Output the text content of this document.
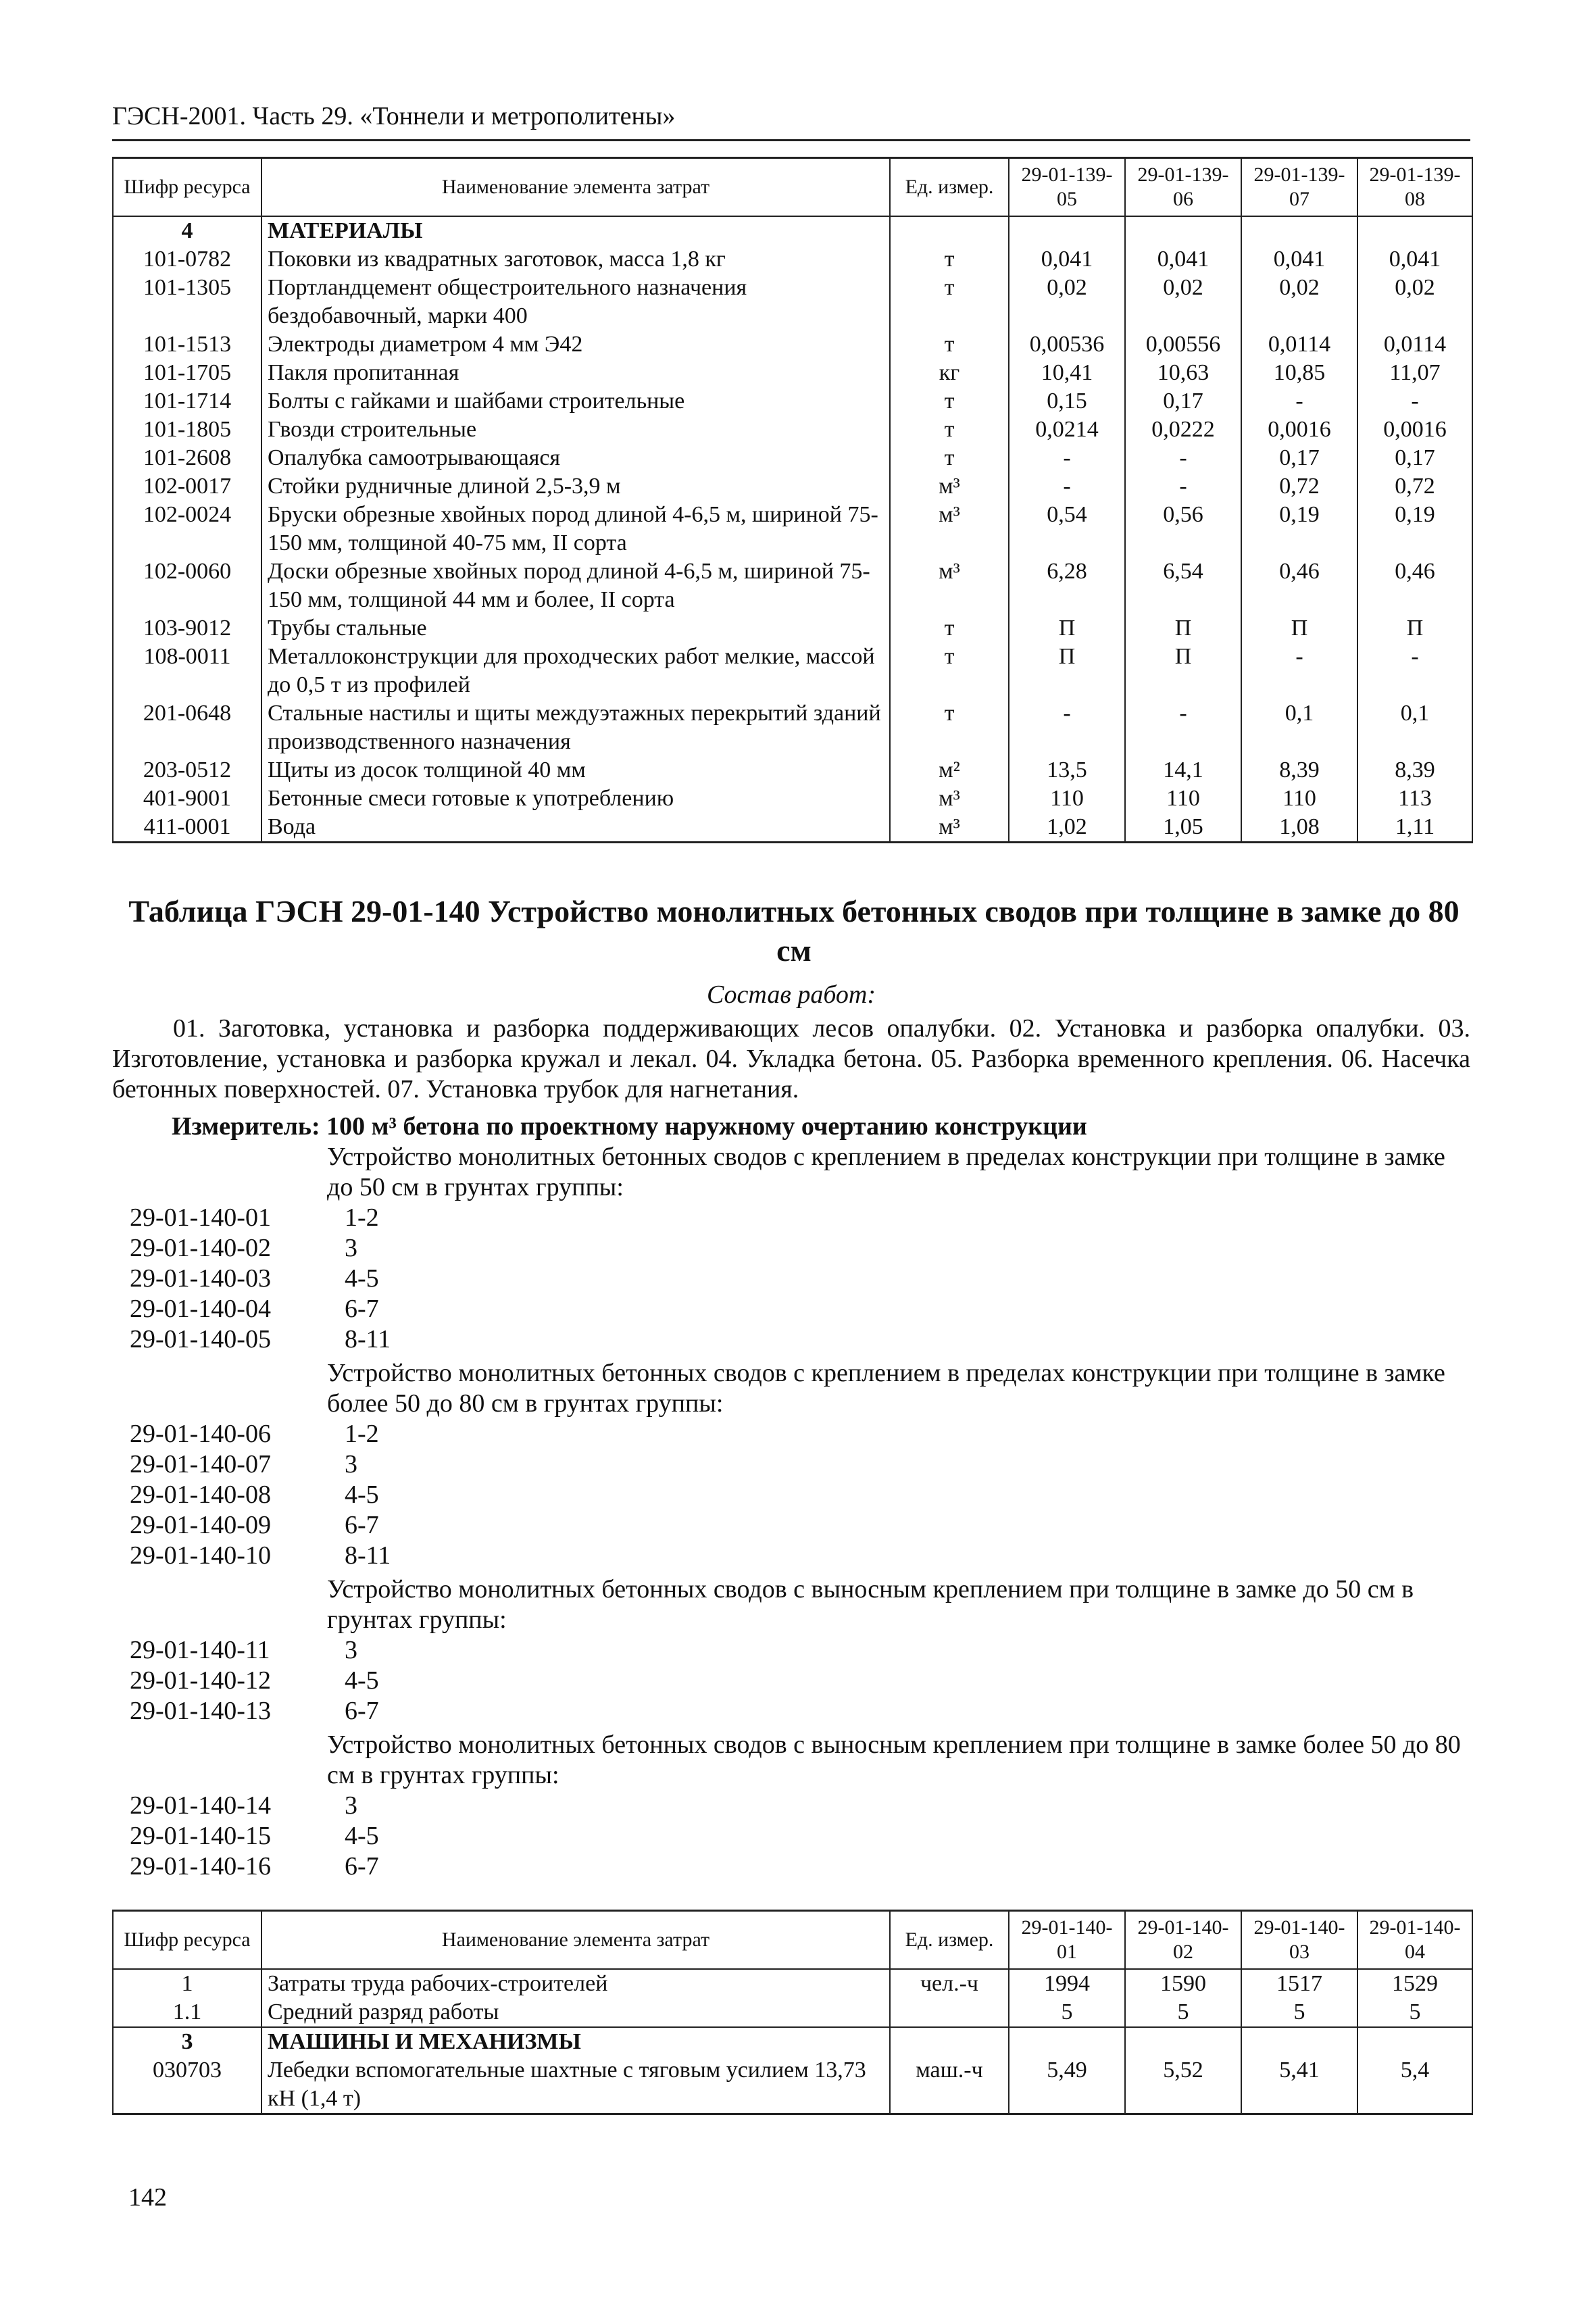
ГЭСН-2001. Часть 29. «Тоннели и метрополитены»
Шифр ресурса	Наименование элемента затрат	Ед. измер.	29-01-139-05	29-01-139-06	29-01-139-07	29-01-139-08
4	МАТЕРИАЛЫ					
101-0782	Поковки из квадратных заготовок, масса 1,8 кг	т	0,041	0,041	0,041	0,041
101-1305	Портландцемент общестроительного назначения бездобавочный, марки 400	т	0,02	0,02	0,02	0,02
101-1513	Электроды диаметром 4 мм Э42	т	0,00536	0,00556	0,0114	0,0114
101-1705	Пакля пропитанная	кг	10,41	10,63	10,85	11,07
101-1714	Болты с гайками и шайбами строительные	т	0,15	0,17	-	-
101-1805	Гвозди строительные	т	0,0214	0,0222	0,0016	0,0016
101-2608	Опалубка самоотрывающаяся	т	-	-	0,17	0,17
102-0017	Стойки рудничные длиной 2,5-3,9 м	м³	-	-	0,72	0,72
102-0024	Бруски обрезные хвойных пород длиной 4-6,5 м, шириной 75-150 мм, толщиной 40-75 мм, II сорта	м³	0,54	0,56	0,19	0,19
102-0060	Доски обрезные хвойных пород длиной 4-6,5 м, шириной 75-150 мм, толщиной 44 мм и более, II сорта	м³	6,28	6,54	0,46	0,46
103-9012	Трубы стальные	т	П	П	П	П
108-0011	Металлоконструкции для проходческих работ мелкие, массой до 0,5 т из профилей	т	П	П	-	-
201-0648	Стальные настилы и щиты междуэтажных перекрытий зданий производственного назначения	т	-	-	0,1	0,1
203-0512	Щиты из досок толщиной 40 мм	м²	13,5	14,1	8,39	8,39
401-9001	Бетонные смеси готовые к употреблению	м³	110	110	110	113
411-0001	Вода	м³	1,02	1,05	1,08	1,11
Таблица ГЭСН 29-01-140 Устройство монолитных бетонных сводов при толщине в замке до 80 см
Состав работ:
01. Заготовка, установка и разборка поддерживающих лесов опалубки. 02. Установка и разборка опалубки. 03. Изготовление, установка и разборка кружал и лекал. 04. Укладка бетона. 05. Разборка временного крепления. 06. Насечка бетонных поверхностей. 07. Установка трубок для нагнетания.
Измеритель: 100 м³ бетона по проектному наружному очертанию конструкции
Устройство монолитных бетонных сводов с креплением в пределах конструкции при толщине в замке до 50 см в грунтах группы:
29-01-140-01	1-2
29-01-140-02	3
29-01-140-03	4-5
29-01-140-04	6-7
29-01-140-05	8-11
Устройство монолитных бетонных сводов с креплением в пределах конструкции при толщине в замке более 50 до 80 см в грунтах группы:
29-01-140-06	1-2
29-01-140-07	3
29-01-140-08	4-5
29-01-140-09	6-7
29-01-140-10	8-11
Устройство монолитных бетонных сводов с выносным креплением при толщине в замке до 50 см в грунтах группы:
29-01-140-11	3
29-01-140-12	4-5
29-01-140-13	6-7
Устройство монолитных бетонных сводов с выносным креплением при толщине в замке более 50 до 80 см в грунтах группы:
29-01-140-14	3
29-01-140-15	4-5
29-01-140-16	6-7
Шифр ресурса	Наименование элемента затрат	Ед. измер.	29-01-140-01	29-01-140-02	29-01-140-03	29-01-140-04
1	Затраты труда рабочих-строителей	чел.-ч	1994	1590	1517	1529
1.1	Средний разряд работы		5	5	5	5
3	МАШИНЫ И МЕХАНИЗМЫ					
030703	Лебедки вспомогательные шахтные с тяговым усилием 13,73 кН (1,4 т)	маш.-ч	5,49	5,52	5,41	5,4
142
